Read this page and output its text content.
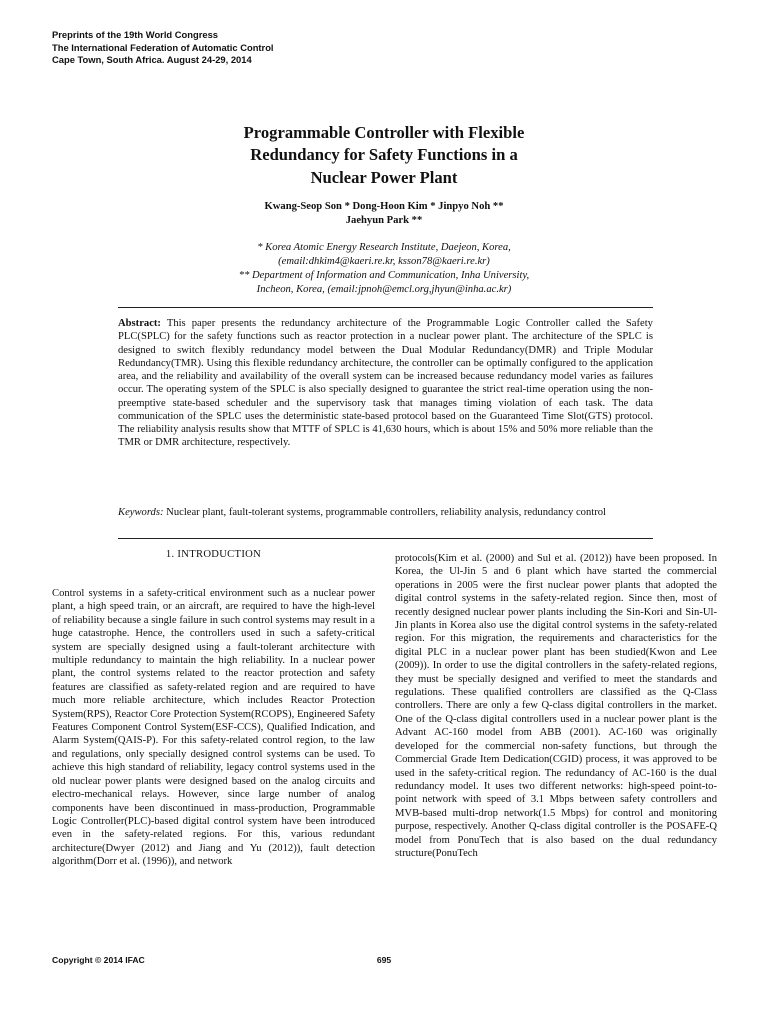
Preprints of the 19th World Congress
The International Federation of Automatic Control
Cape Town, South Africa. August 24-29, 2014
Programmable Controller with Flexible
Redundancy for Safety Functions in a
Nuclear Power Plant
Kwang-Seop Son * Dong-Hoon Kim * Jinpyo Noh **
Jaehyun Park **
* Korea Atomic Energy Research Institute, Daejeon, Korea,
(email:dhkim4@kaeri.re.kr, ksson78@kaeri.re.kr)
** Department of Information and Communication, Inha University,
Incheon, Korea, (email:jpnoh@emcl.org,jhyun@inha.ac.kr)
Abstract: This paper presents the redundancy architecture of the Programmable Logic Controller called the Safety PLC(SPLC) for the safety functions such as reactor protection in a nuclear power plant. The architecture of the SPLC is designed to switch flexibly redundancy model between the Dual Modular Redundancy(DMR) and Triple Modular Redundancy(TMR). Using this flexible redundancy architecture, the controller can be optimally configured to the application area, and the reliability and availability of the overall system can be increased because redundancy model varies as failures occur. The operating system of the SPLC is also specially designed to guarantee the strict real-time operation using the non-preemptive state-based scheduler and the supervisory task that manages timing violation of each task. The data communication of the SPLC uses the deterministic state-based protocol based on the Guaranteed Time Slot(GTS) protocol. The reliability analysis results show that MTTF of SPLC is 41,630 hours, which is about 15% and 50% more reliable than the TMR or DMR architecture, respectively.
Keywords: Nuclear plant, fault-tolerant systems, programmable controllers, reliability analysis, redundancy control
1. INTRODUCTION
Control systems in a safety-critical environment such as a nuclear power plant, a high speed train, or an aircraft, are required to have the high-level of reliability because a single failure in such control systems may result in a huge catastrophe. Hence, the controllers used in such a safety-critical system are specially designed using a fault-tolerant architecture with multiple redundancy to maintain the high reliability. In a nuclear power plant, the control systems related to the reactor protection and safety features are classified as safety-related region and are required to have much more reliable architecture, which includes Reactor Protection System(RPS), Reactor Core Protection System(RCOPS), Engineered Safety Features Component Control System(ESF-CCS), Qualified Indication, and Alarm System(QAIS-P). For this safety-related control region, to the law and regulations, only specially designed control systems can be used. To achieve this high standard of reliability, legacy control systems used in the old nuclear power plants were designed based on the analog circuits and electro-mechanical relays. However, since large number of analog components have been discontinued in mass-production, Programmable Logic Controller(PLC)-based digital control system have been introduced even in the safety-related regions. For this, various redundant architecture(Dwyer (2012) and Jiang and Yu (2012)), fault detection algorithm(Dorr et al. (1996)), and network
protocols(Kim et al. (2000) and Sul et al. (2012)) have been proposed. In Korea, the Ul-Jin 5 and 6 plant which have started the commercial operations in 2005 were the first nuclear power plants that adopted the digital control systems in the safety-related region. Since then, most of recently designed nuclear power plants including the Sin-Kori and Sin-Ul-Jin plants in Korea also use the digital control systems in the safety-related region. For this migration, the requirements and characteristics for the digital PLC in a nuclear power plant has been studied(Kwon and Lee (2009)). In order to use the digital controllers in the safety-related regions, they must be specially designed and verified to meet the standards and regulations. These qualified controllers are classified as the Q-Class controllers. There are only a few Q-class digital controllers in the market. One of the Q-class digital controllers used in a nuclear power plant is the Advant AC-160 model from ABB (2001). AC-160 was originally developed for the commercial non-safety functions, but through the Commercial Grade Item Dedication(CGID) process, it was approved to be used in the safety-critical region. The redundancy of AC-160 is the dual redundancy model. It uses two different networks: high-speed point-to-point network with speed of 3.1 Mbps between safety controllers and MVB-based multi-drop network(1.5 Mbps) for control and monitoring purpose, respectively. Another Q-class digital controller is the POSAFE-Q model from PonuTech that is also based on the dual redundancy structure(PonuTech
Copyright © 2014 IFAC	695
